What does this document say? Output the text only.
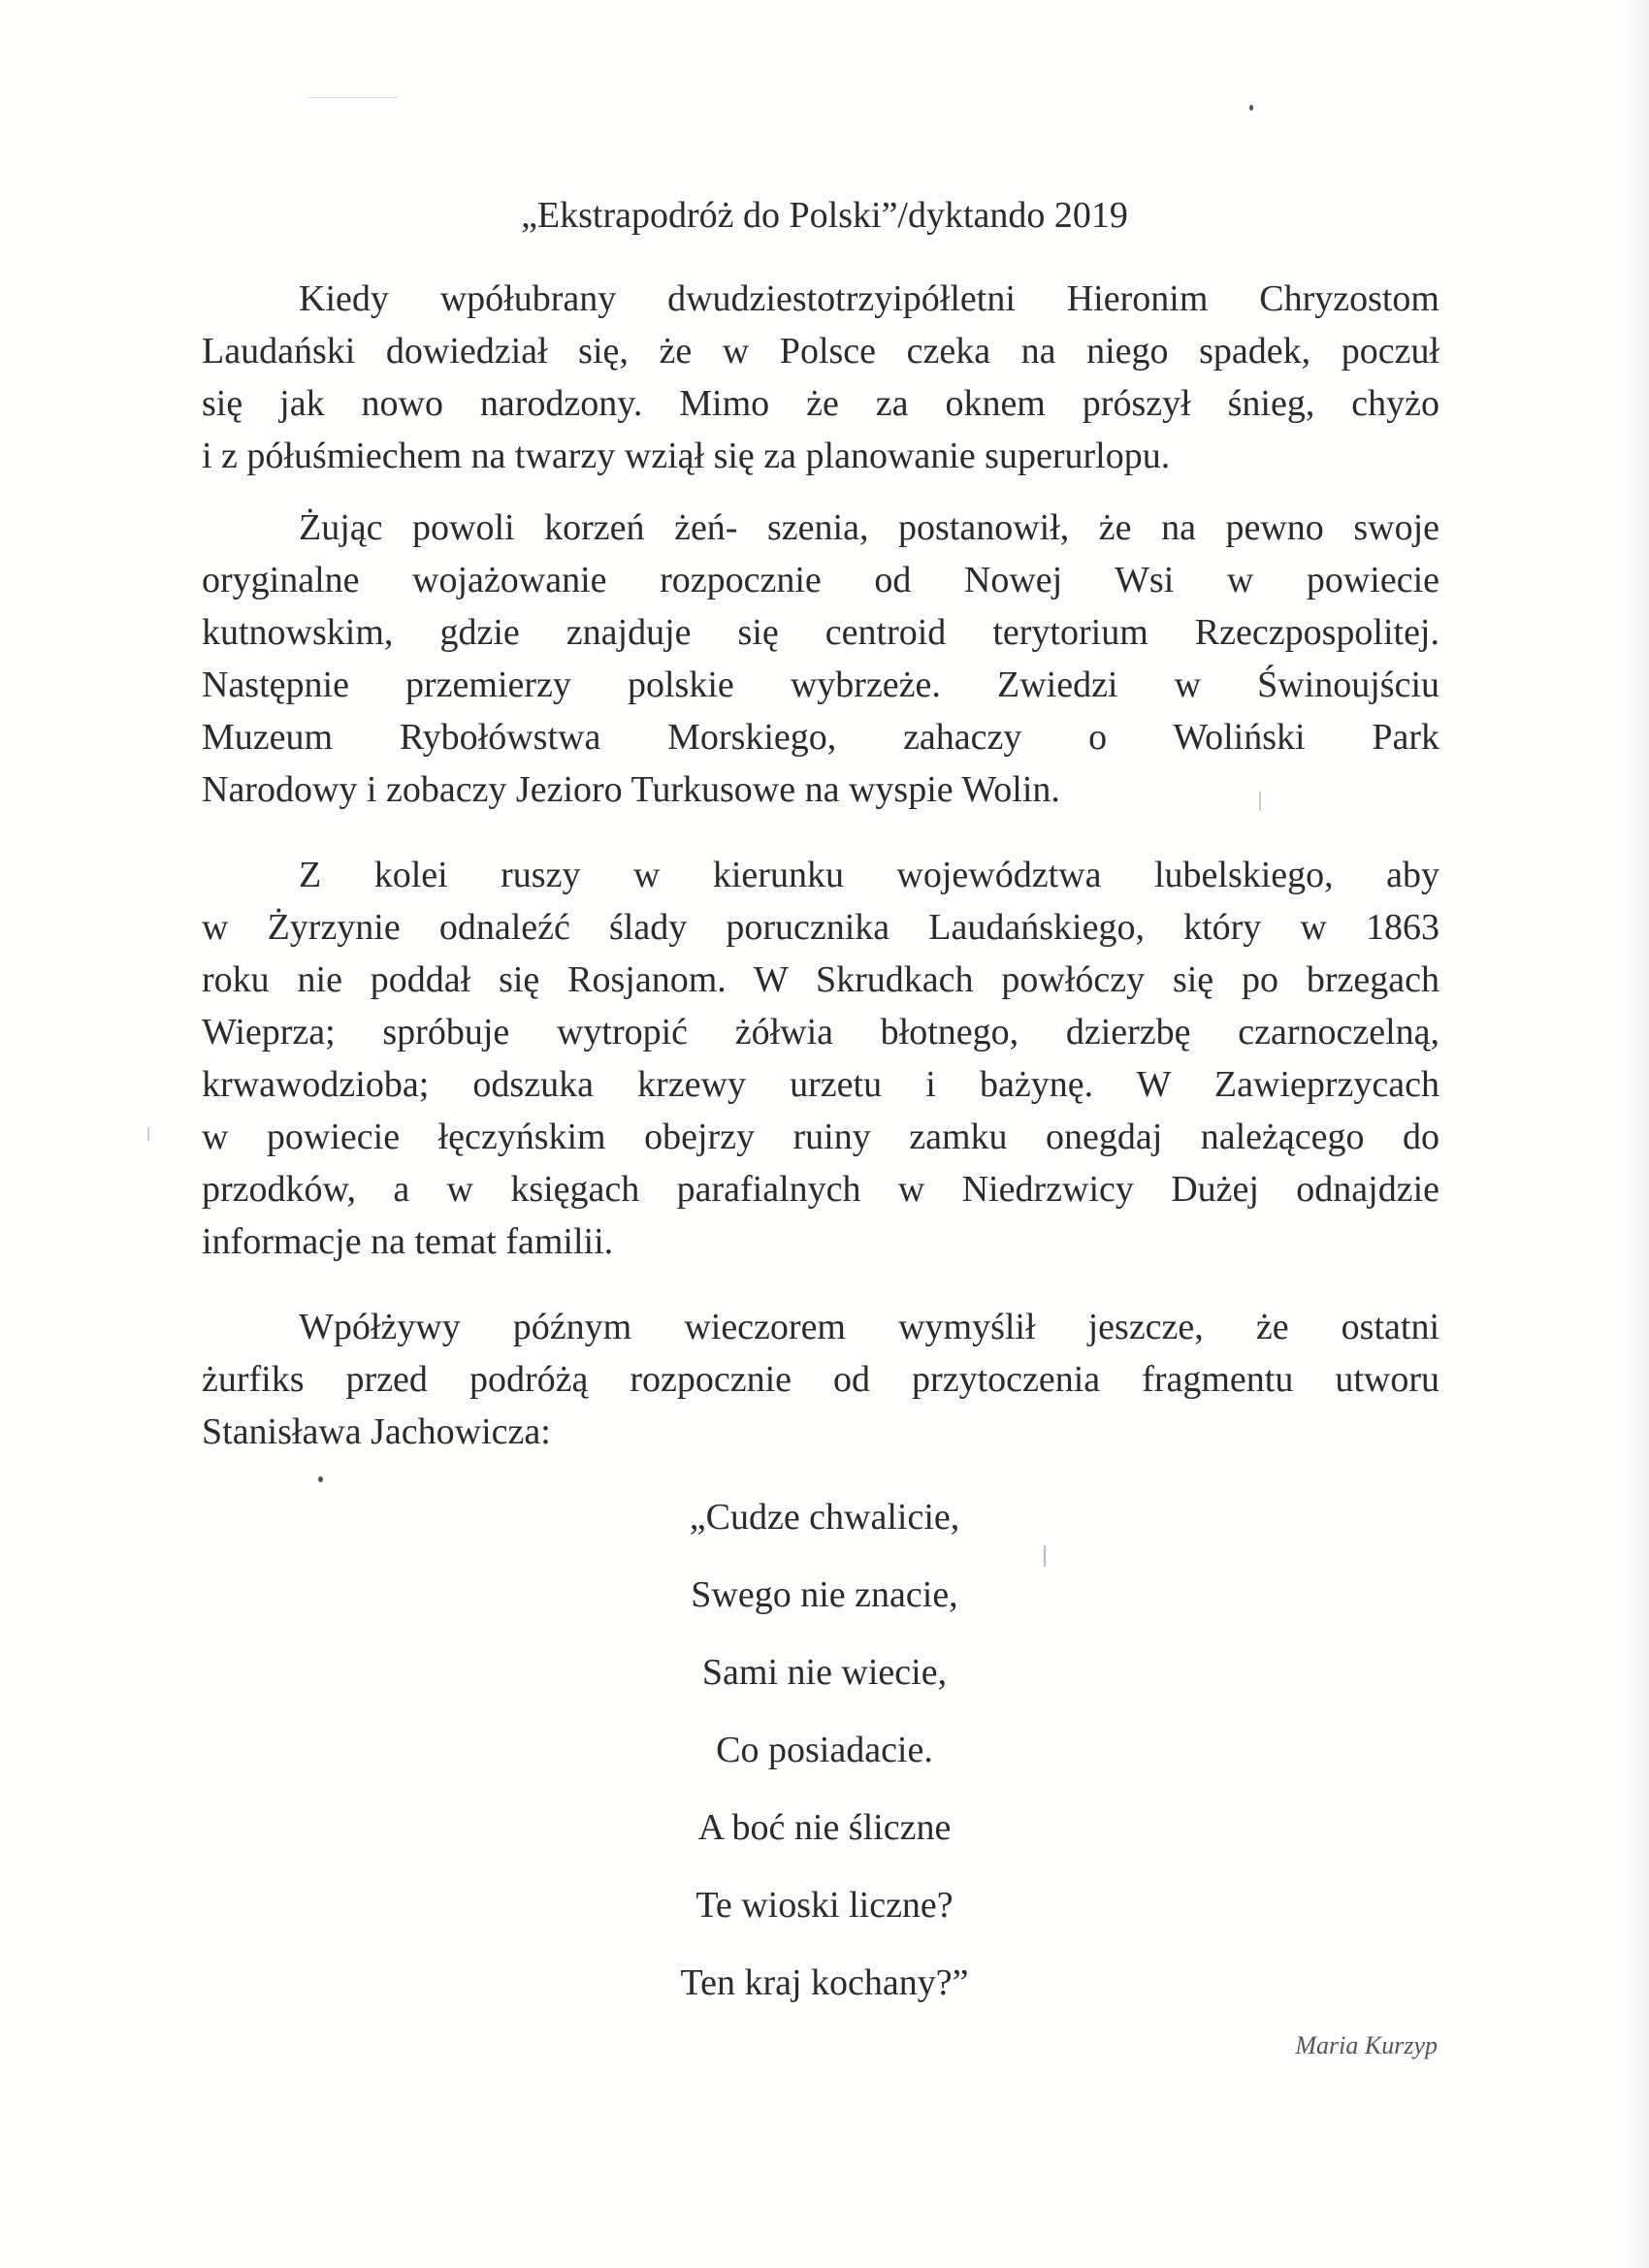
„Ekstrapodróż do Polski”/dyktando 2019
Kiedy wpółubrany dwudziestotrzyipółletni Hieronim Chryzostom
Laudański dowiedział się, że w Polsce czeka na niego spadek, poczuł
się jak nowo narodzony. Mimo że za oknem prószył śnieg, chyżo
i z półuśmiechem na twarzy wziął się za planowanie superurlopu.
Żując powoli korzeń żeń- szenia, postanowił, że na pewno swoje
oryginalne wojażowanie rozpocznie od Nowej Wsi w powiecie
kutnowskim, gdzie znajduje się centroid terytorium Rzeczpospolitej.
Następnie przemierzy polskie wybrzeże. Zwiedzi w Świnoujściu
Muzeum Rybołówstwa Morskiego, zahaczy o Woliński Park
Narodowy i zobaczy Jezioro Turkusowe na wyspie Wolin.
Z kolei ruszy w kierunku województwa lubelskiego, aby
w Żyrzynie odnaleźć ślady porucznika Laudańskiego, który w 1863
roku nie poddał się Rosjanom. W Skrudkach powłóczy się po brzegach
Wieprza; spróbuje wytropić żółwia błotnego, dzierzbę czarnoczelną,
krwawodzioba; odszuka krzewy urzetu i bażynę. W Zawieprzycach
w powiecie łęczyńskim obejrzy ruiny zamku onegdaj należącego do
przodków, a w księgach parafialnych w Niedrzwicy Dużej odnajdzie
informacje na temat familii.
Wpółżywy późnym wieczorem wymyślił jeszcze, że ostatni
żurfiks przed podróżą rozpocznie od przytoczenia fragmentu utworu
Stanisława Jachowicza:
„Cudze chwalicie,
Swego nie znacie,
Sami nie wiecie,
Co posiadacie.
A boć nie śliczne
Te wioski liczne?
Ten kraj kochany?”
Maria Kurzyp
